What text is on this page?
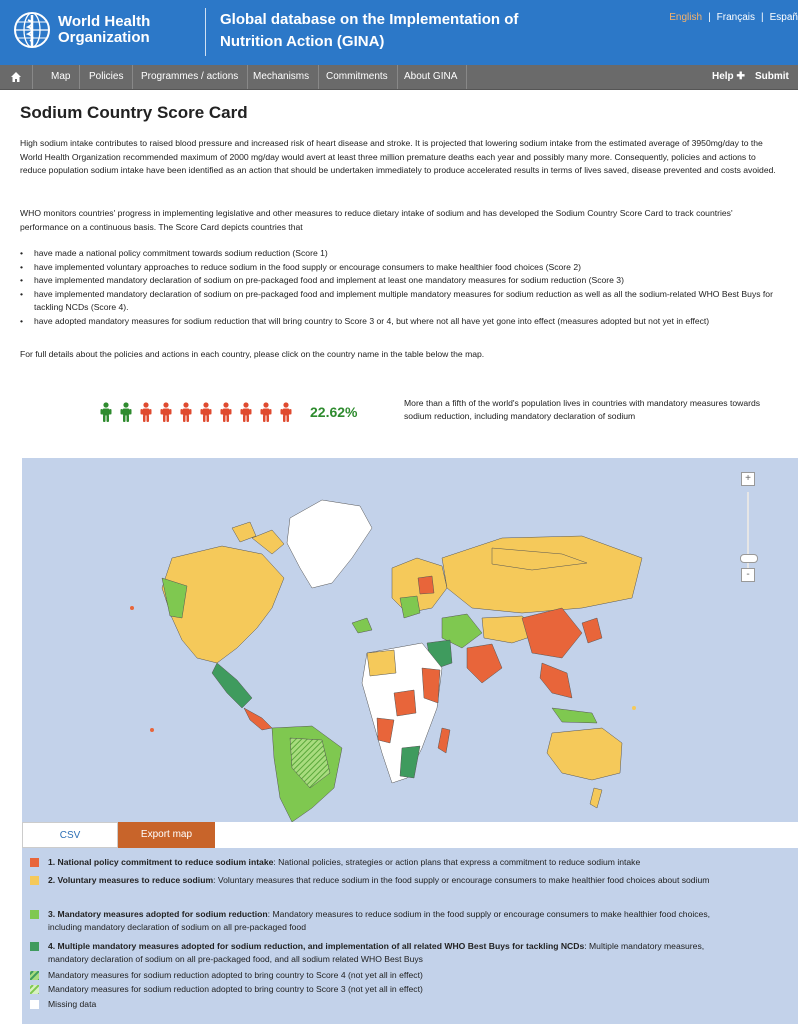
World Health
Organization
Global database on the Implementation of Nutrition Action (GINA)
English | Français | Españ
Map	Policies	Programmes / actions	Mechanisms	Commitments	About GINA	Help ✚ Submit ✚
Sodium Country Score Card
High sodium intake contributes to raised blood pressure and increased risk of heart disease and stroke. It is projected that lowering sodium intake from the estimated average of 3950mg/day to the World Health Organization recommended maximum of 2000 mg/day would avert at least three million premature deaths each year and possibly many more. Consequently, policies and actions to reduce population sodium intake have been identified as an action that should be undertaken immediately to produce accelerated results in terms of lives saved, disease prevented and costs avoided.
WHO monitors countries' progress in implementing legislative and other measures to reduce dietary intake of sodium and has developed the Sodium Country Score Card to track countries' performance on a continuous basis. The Score Card depicts countries that
• have made a national policy commitment towards sodium reduction (Score 1)
• have implemented voluntary approaches to reduce sodium in the food supply or encourage consumers to make healthier food choices (Score 2)
• have implemented mandatory declaration of sodium on pre-packaged food and implement at least one mandatory measures for sodium reduction (Score 3)
• have implemented mandatory declaration of sodium on pre-packaged food and implement multiple mandatory measures for sodium reduction as well as all the sodium-related WHO Best Buys for tackling NCDs (Score 4).
• have adopted mandatory measures for sodium reduction that will bring country to Score 3 or 4, but where not all have yet gone into effect (measures adopted but not yet in effect)
For full details about the policies and actions in each country, please click on the country name in the table below the map.
22.62%
More than a fifth of the world's population lives in countries with mandatory measures towards sodium reduction, including mandatory declaration of sodium
+
-
CSV	Export map
1. National policy commitment to reduce sodium intake: National policies, strategies or action plans that express a commitment to reduce sodium intake
2. Voluntary measures to reduce sodium: Voluntary measures that reduce sodium in the food supply or encourage consumers to make healthier food choices about sodium
3. Mandatory measures adopted for sodium reduction: Mandatory measures to reduce sodium in the food supply or encourage consumers to make healthier food choices, including mandatory declaration of sodium on all pre-packaged food
4. Multiple mandatory measures adopted for sodium reduction, and implementation of all related WHO Best Buys for tackling NCDs: Multiple mandatory measures, mandatory declaration of sodium on all pre-packaged food, and all sodium related WHO Best Buys
Mandatory measures for sodium reduction adopted to bring country to Score 4 (not yet all in effect)
Mandatory measures for sodium reduction adopted to bring country to Score 3 (not yet all in effect)
Missing data
